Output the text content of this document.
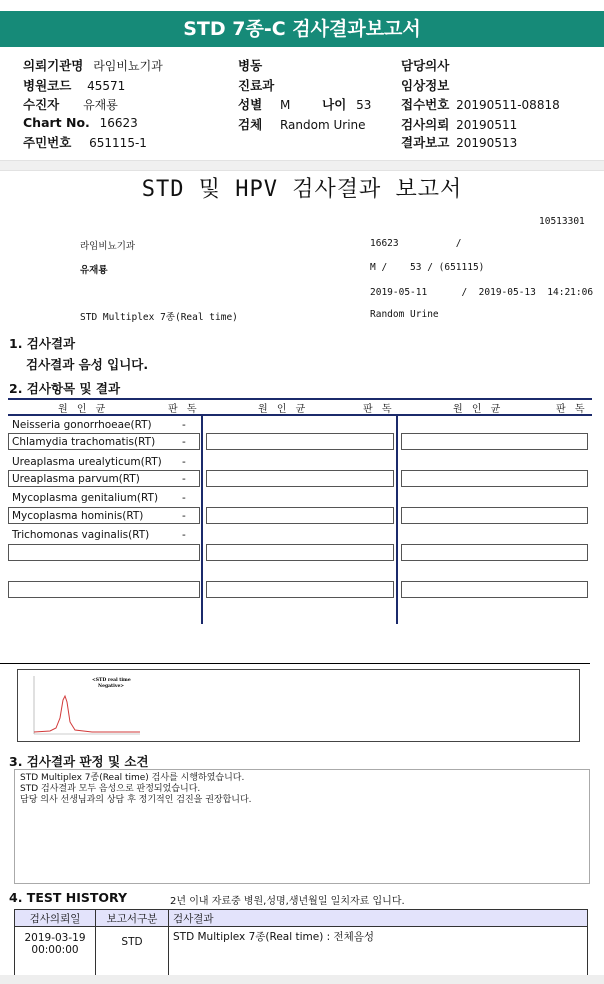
STD 7종-C 검사결과보고서
의뢰기관명 라임비뇨기과	병동	담당의사
병원코드 45571	진료과	임상정보
수진자 유재룡	성별 M	나이 53 접수번호 20190511-08818
Chart No. 16623	검체 Random Urine	검사의뢰 20190511
주민번호 651115-1	결과보고 20190513
STD 및 HPV 검사결과 보고서
10513301
라임비뇨기과	16623          /
유재룡	M /    53 / (651115)
2019-05-11      /  2019-05-13  14:21:06
STD Multiplex 7종(Real time)	Random Urine
1. 검사결과
검사결과 음성 입니다.
2. 검사항목 및 결과
원 인 균	판 독	원 인 균	판 독	원 인 균	판 독
Neisseria gonorrhoeae(RT)	-
Chlamydia trachomatis(RT)	-
Ureaplasma urealyticum(RT) -
Ureaplasma parvum(RT)	-
Mycoplasma genitalium(RT) -
Mycoplasma hominis(RT)	-
Trichomonas vaginalis(RT)	-
<STD real time
Negative>
3. 검사결과 판정 및 소견
STD Multiplex 7종(Real time) 검사를 시행하였습니다.
STD 검사결과 모두 음성으로 판정되었습니다.
담당 의사 선생님과의 상담 후 정기적인 검진을 권장합니다.
4. TEST HISTORY	2년 이내 자료중 병원,성명,생년월일 일치자료 입니다.
검사의뢰일	보고서구분	검사결과

2019-03-19
00:00:00	STD	STD Multiplex 7종(Real time) : 전체음성
